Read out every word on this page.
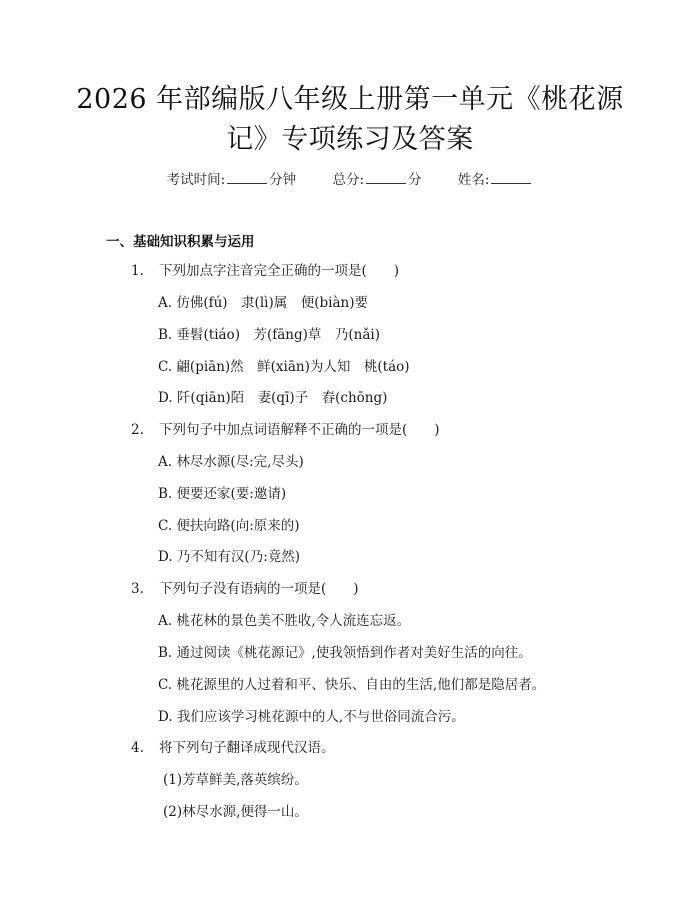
2026 年部编版八年级上册第一单元《桃花源
记》专项练习及答案
考试时间:	分钟	总分:	分	姓名:
一、基础知识积累与运用
1. 下列加点字注音完全正确的一项是(　　)
A. 仿佛(fú)　隶(lì)属　便(biàn)要
B. 垂髫(tiáo)　芳(fāng)草　乃(nǎi)
C. 翩(piān)然　鲜(xiān)为人知　桃(táo)
D. 阡(qiān)陌　妻(qī)子　舂(chōng)
2. 下列句子中加点词语解释不正确的一项是(　　)
A. 林尽水源(尽:完,尽头)
B. 便要还家(要:邀请)
C. 便扶向路(向:原来的)
D. 乃不知有汉(乃:竟然)
3. 下列句子没有语病的一项是(　　)
A. 桃花林的景色美不胜收,令人流连忘返。
B. 通过阅读《桃花源记》,使我领悟到作者对美好生活的向往。
C. 桃花源里的人过着和平、快乐、自由的生活,他们都是隐居者。
D. 我们应该学习桃花源中的人,不与世俗同流合污。
4. 将下列句子翻译成现代汉语。
(1)芳草鲜美,落英缤纷。
(2)林尽水源,便得一山。
